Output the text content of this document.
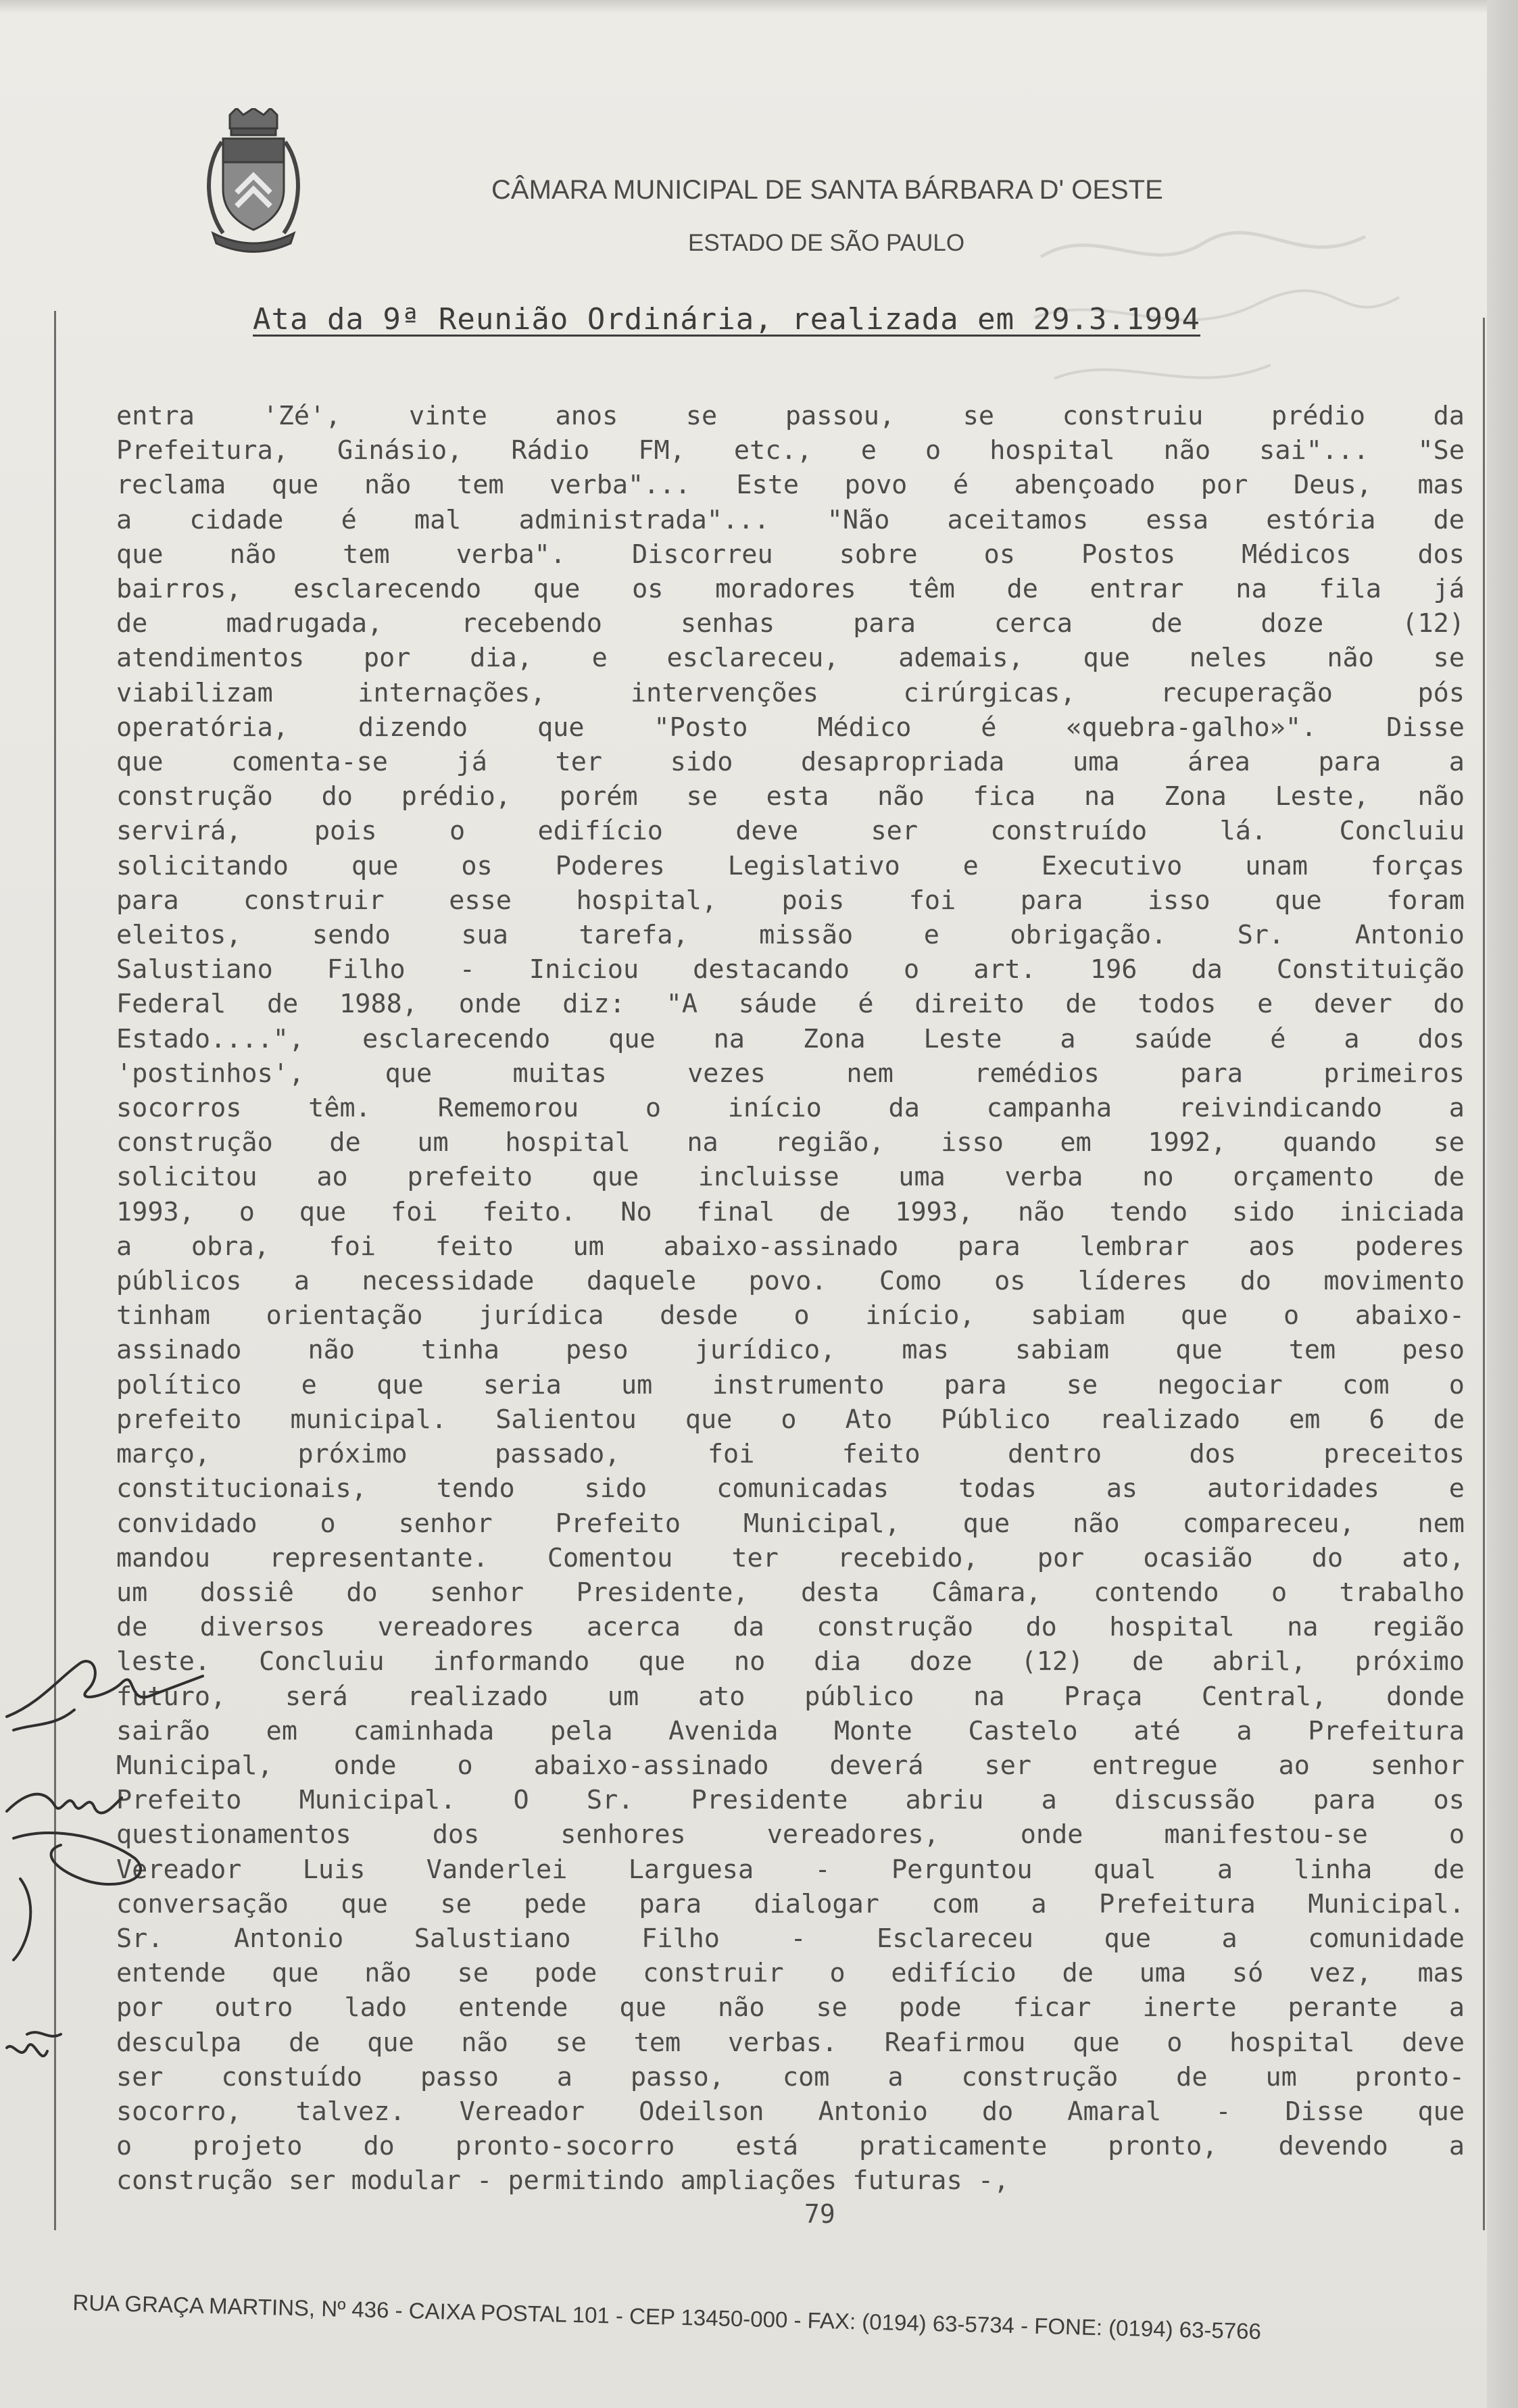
CÂMARA MUNICIPAL DE SANTA BÁRBARA D' OESTE
ESTADO DE SÃO PAULO
Ata da 9ª Reunião Ordinária, realizada em 29.3.1994
entra 'Zé', vinte anos se passou, se construiu prédio da
Prefeitura, Ginásio, Rádio FM, etc., e o hospital não sai"... "Se
reclama que não tem verba"... Este povo é abençoado por Deus, mas
a cidade é mal administrada"... "Não aceitamos essa estória de
que não tem verba". Discorreu sobre os Postos Médicos dos
bairros, esclarecendo que os moradores têm de entrar na fila já
de madrugada, recebendo senhas para cerca de doze (12)
atendimentos por dia, e esclareceu, ademais, que neles não se
viabilizam internações, intervenções cirúrgicas, recuperação pós
operatória, dizendo que "Posto Médico é «quebra-galho»". Disse
que comenta-se já ter sido desapropriada uma área para a
construção do prédio, porém se esta não fica na Zona Leste, não
servirá, pois o edifício deve ser construído lá. Concluiu
solicitando que os Poderes Legislativo e Executivo unam forças
para construir esse hospital, pois foi para isso que foram
eleitos, sendo sua tarefa, missão e obrigação. Sr. Antonio
Salustiano Filho - Iniciou destacando o art. 196 da Constituição
Federal de 1988, onde diz: "A sáude é direito de todos e dever do
Estado....", esclarecendo que na Zona Leste a saúde é a dos
'postinhos', que muitas vezes nem remédios para primeiros
socorros têm. Rememorou o início da campanha reivindicando a
construção de um hospital na região, isso em 1992, quando se
solicitou ao prefeito que incluisse uma verba no orçamento de
1993, o que foi feito. No final de 1993, não tendo sido iniciada
a obra, foi feito um abaixo-assinado para lembrar aos poderes
públicos a necessidade daquele povo. Como os líderes do movimento
tinham orientação jurídica desde o início, sabiam que o abaixo-
assinado não tinha peso jurídico, mas sabiam que tem peso
político e que seria um instrumento para se negociar com o
prefeito municipal. Salientou que o Ato Público realizado em 6 de
março, próximo passado, foi feito dentro dos preceitos
constitucionais, tendo sido comunicadas todas as autoridades e
convidado o senhor Prefeito Municipal, que não compareceu, nem
mandou representante. Comentou ter recebido, por ocasião do ato,
um dossiê do senhor Presidente, desta Câmara, contendo o trabalho
de diversos vereadores acerca da construção do hospital na região
leste. Concluiu informando que no dia doze (12) de abril, próximo
futuro, será realizado um ato público na Praça Central, donde
sairão em caminhada pela Avenida Monte Castelo até a Prefeitura
Municipal, onde o abaixo-assinado deverá ser entregue ao senhor
Prefeito Municipal. O Sr. Presidente abriu a discussão para os
questionamentos dos senhores vereadores, onde manifestou-se o
Vereador Luis Vanderlei Larguesa - Perguntou qual a linha de
conversação que se pede para dialogar com a Prefeitura Municipal.
Sr. Antonio Salustiano Filho - Esclareceu que a comunidade
entende que não se pode construir o edifício de uma só vez, mas
por outro lado entende que não se pode ficar inerte perante a
desculpa de que não se tem verbas. Reafirmou que o hospital deve
ser constuído passo a passo, com a construção de um pronto-
socorro, talvez. Vereador Odeilson Antonio do Amaral - Disse que
o projeto do pronto-socorro está praticamente pronto, devendo a
construção ser modular - permitindo ampliações futuras -,
79
RUA GRAÇA MARTINS, Nº 436 - CAIXA POSTAL 101 - CEP 13450-000 - FAX: (0194) 63-5734 - FONE: (0194) 63-5766
